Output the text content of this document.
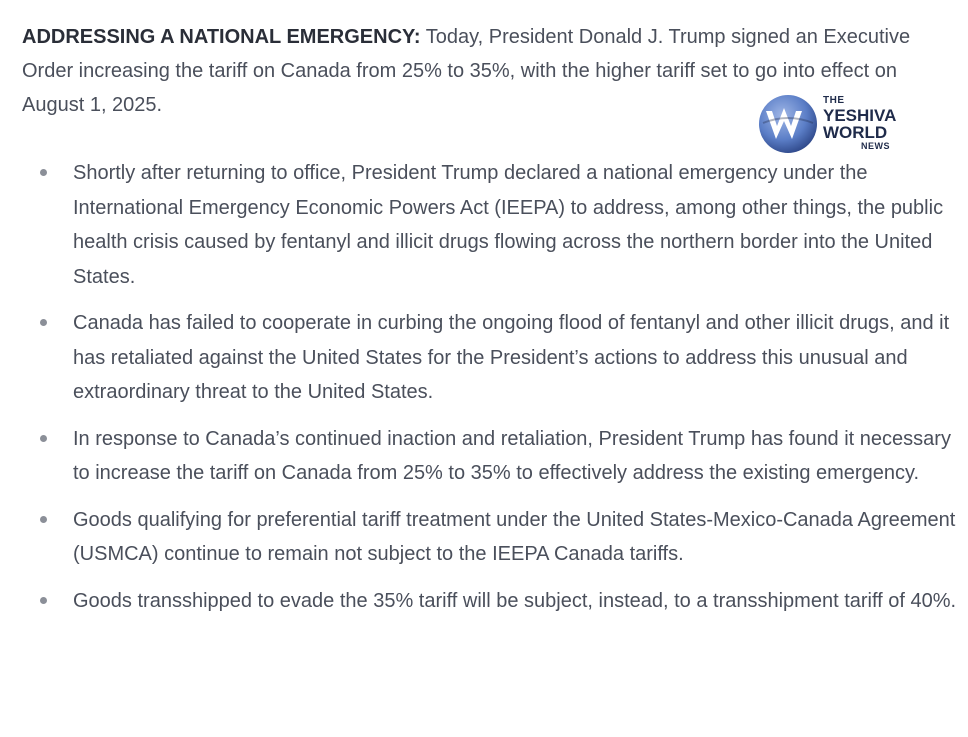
ADDRESSING A NATIONAL EMERGENCY: Today, President Donald J. Trump signed an Executive Order increasing the tariff on Canada from 25% to 35%, with the higher tariff set to go into effect on August 1, 2025.	THE
YESHIVA
WORLD
NEWS
Shortly after returning to office, President Trump declared a national emergency under the International Emergency Economic Powers Act (IEEPA) to address, among other things, the public health crisis caused by fentanyl and illicit drugs flowing across the northern border into the United States.
Canada has failed to cooperate in curbing the ongoing flood of fentanyl and other illicit drugs, and it has retaliated against the United States for the President’s actions to address this unusual and extraordinary threat to the United States.
In response to Canada’s continued inaction and retaliation, President Trump has found it necessary to increase the tariff on Canada from 25% to 35% to effectively address the existing emergency.
Goods qualifying for preferential tariff treatment under the United States-Mexico-Canada Agreement (USMCA) continue to remain not subject to the IEEPA Canada tariffs.
Goods transshipped to evade the 35% tariff will be subject, instead, to a transshipment tariff of 40%.
